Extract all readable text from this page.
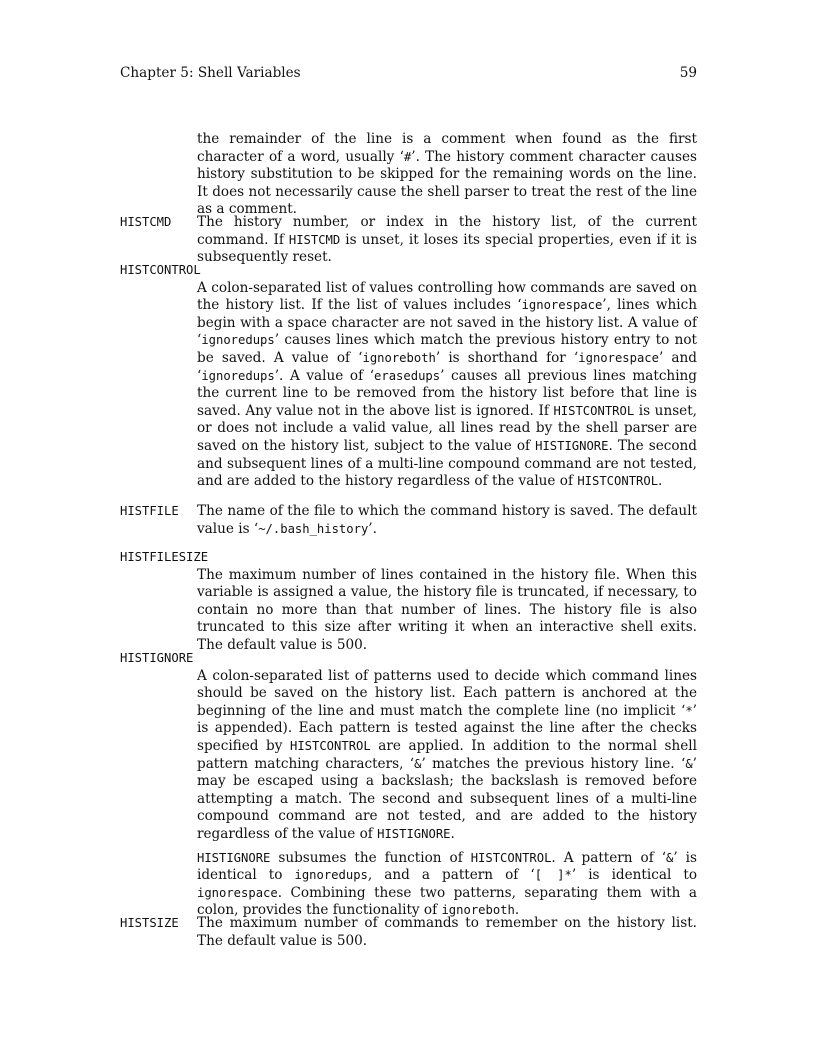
Chapter 5: Shell Variables	59

the remainder of the line is a comment when found as the first character of a word, usually ‘#’. The history comment character causes history substitution to be skipped for the remaining words on the line. It does not necessarily cause the shell parser to treat the rest of the line as a comment.

HISTCMD The history number, or index in the history list, of the current command. If HISTCMD is unset, it loses its special properties, even if it is subsequently reset.

HISTCONTROL

A colon-separated list of values controlling how commands are saved on the history list. If the list of values includes ‘ignorespace’, lines which begin with a space character are not saved in the history list. A value of ‘ignoredups’ causes lines which match the previous history entry to not be saved. A value of ‘ignoreboth’ is shorthand for ‘ignorespace’ and ‘ignoredups’. A value of ‘erasedups’ causes all previous lines matching the current line to be removed from the history list before that line is saved. Any value not in the above list is ignored. If HISTCONTROL is unset, or does not include a valid value, all lines read by the shell parser are saved on the history list, subject to the value of HISTIGNORE. The second and subsequent lines of a multi-line compound command are not tested, and are added to the history regardless of the value of HISTCONTROL.

HISTFILE The name of the file to which the command history is saved. The default value is ‘~/.bash_history’.

HISTFILESIZE

The maximum number of lines contained in the history file. When this variable is assigned a value, the history file is truncated, if necessary, to contain no more than that number of lines. The history file is also truncated to this size after writing it when an interactive shell exits. The default value is 500.

HISTIGNORE

A colon-separated list of patterns used to decide which command lines should be saved on the history list. Each pattern is anchored at the beginning of the line and must match the complete line (no implicit ‘*’ is appended). Each pattern is tested against the line after the checks specified by HISTCONTROL are applied. In addition to the normal shell pattern matching characters, ‘&’ matches the previous history line. ‘&’ may be escaped using a backslash; the backslash is removed before attempting a match. The second and subsequent lines of a multi-line compound command are not tested, and are added to the history regardless of the value of HISTIGNORE.

HISTIGNORE subsumes the function of HISTCONTROL. A pattern of ‘&’ is identical to ignoredups, and a pattern of ‘[ ]*’ is identical to ignorespace. Combining these two patterns, separating them with a colon, provides the functionality of ignoreboth.

HISTSIZE The maximum number of commands to remember on the history list. The default value is 500.
